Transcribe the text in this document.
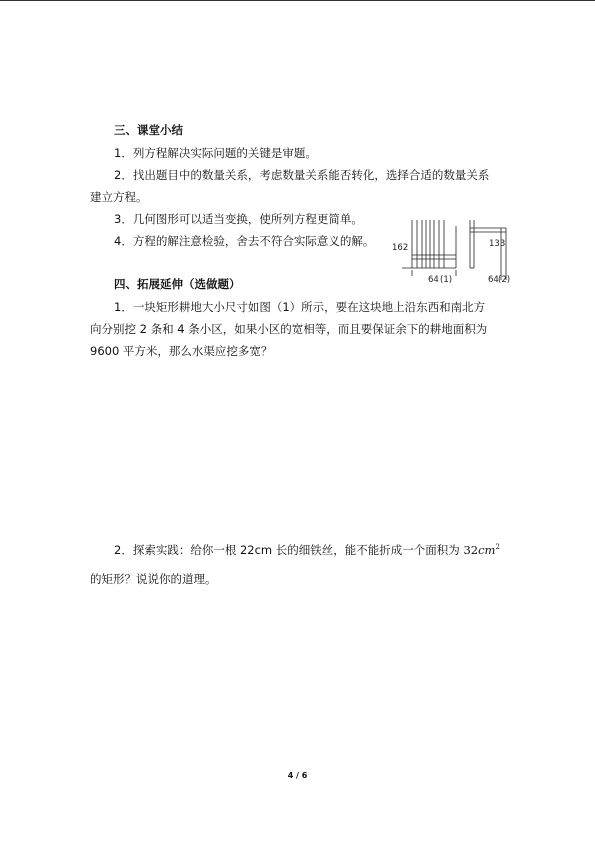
三、课堂小结
1．列方程解决实际问题的关键是审题。
2．找出题目中的数量关系，考虑数量关系能否转化，选择合适的数量关系
建立方程。
3．几何图形可以适当变换，使所列方程更简单。
4．方程的解注意检验，舍去不符合实际意义的解。 162
64 (1)	64 (2)
133
四、拓展延伸（选做题）
1．一块矩形耕地大小尺寸如图（1）所示，要在这块地上沿东西和南北方
向分别挖 2 条和 4 条小区，如果小区的宽相等，而且要保证余下的耕地面积为
9600 平方米，那么水渠应挖多宽？
2．探索实践：给你一根 22cm 长的细铁丝，能不能折成一个面积为 $32cm^2$
的矩形？说说你的道理。
4 / 6
